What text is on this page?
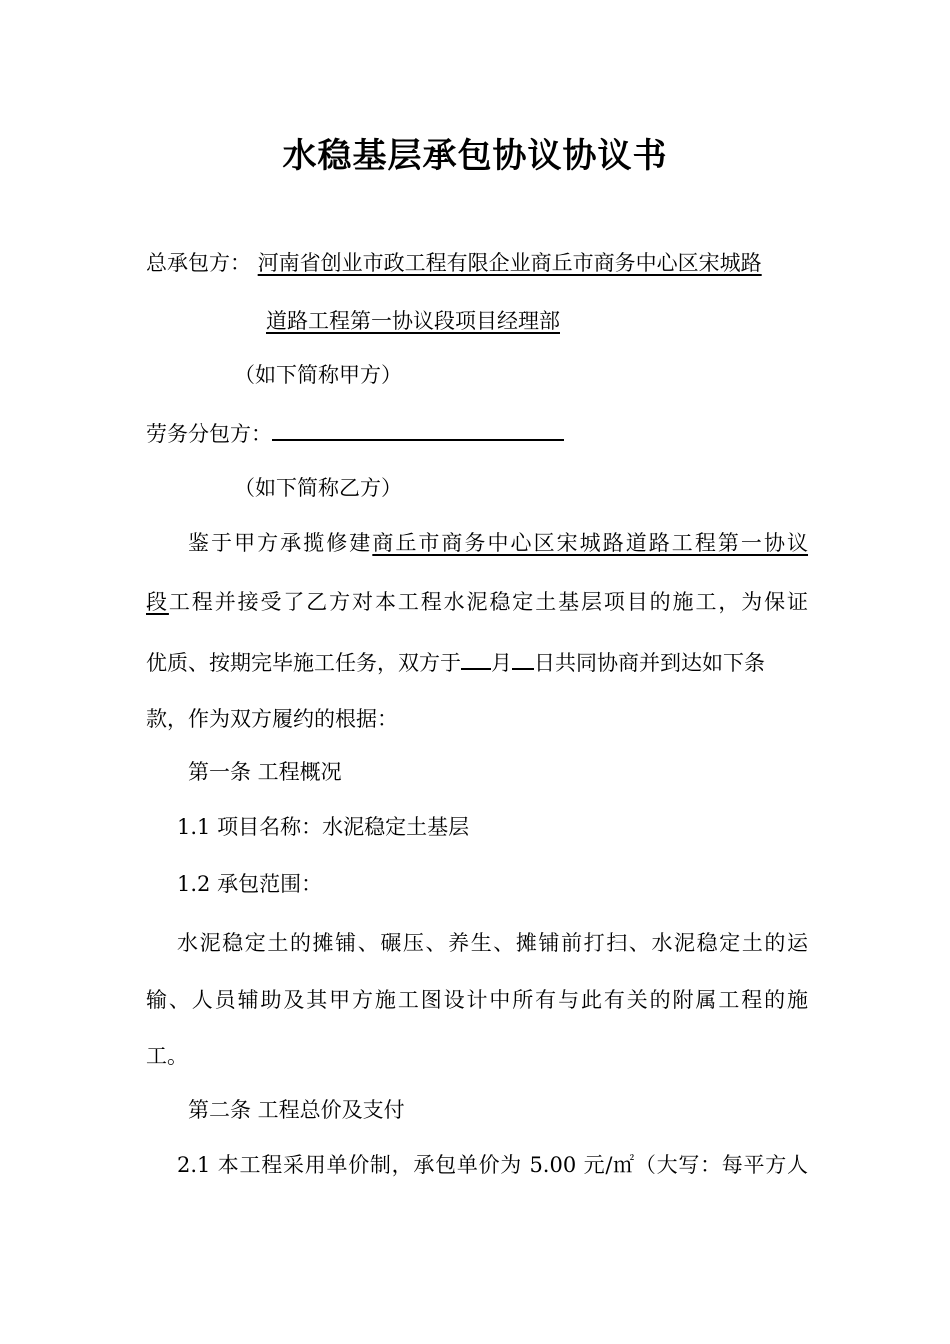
水稳基层承包协议协议书
总承包方： 河南省创业市政工程有限企业商丘市商务中心区宋城路
道路工程第一协议段项目经理部
（如下简称甲方）
劳务分包方：
（如下简称乙方）
鉴于甲方承揽修建商丘市商务中心区宋城路道路工程第一协议
段工程并接受了乙方对本工程水泥稳定土基层项目的施工，为保证
优质、按期完毕施工任务，双方于 月 日共同协商并到达如下条
款，作为双方履约的根据：
第一条 工程概况
1.1 项目名称：水泥稳定土基层
1.2 承包范围：
水泥稳定土的摊铺、碾压、养生、摊铺前打扫、水泥稳定土的运
输、人员辅助及其甲方施工图设计中所有与此有关的附属工程的施
工。
第二条 工程总价及支付
2.1 本工程采用单价制，承包单价为 5.00 元/㎡（大写：每平方人
